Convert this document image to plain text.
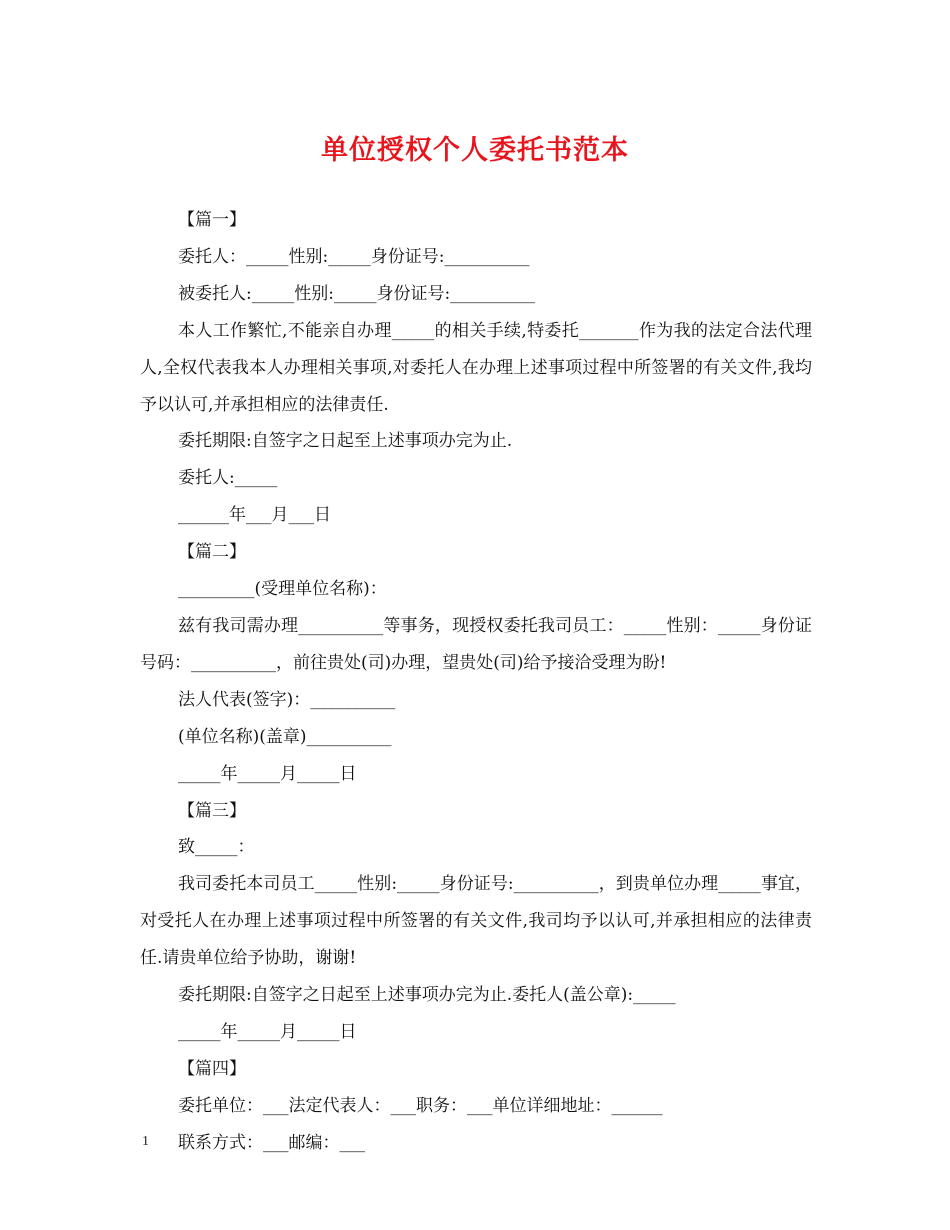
单位授权个人委托书范本

【篇一】

委托人：_____性别:_____身份证号:__________

被委托人:_____性别:_____身份证号:__________

本人工作繁忙,不能亲自办理_____的相关手续,特委托_______作为我的法定合法代理人,全权代表我本人办理相关事项,对委托人在办理上述事项过程中所签署的有关文件,我均予以认可,并承担相应的法律责任.

委托期限:自签字之日起至上述事项办完为止.

委托人:_____

______年___月___日

【篇二】

_________(受理单位名称)：

兹有我司需办理__________等事务，现授权委托我司员工：_____性别：_____身份证号码：__________，前往贵处(司)办理，望贵处(司)给予接洽受理为盼!

法人代表(签字)：__________

(单位名称)(盖章)__________

_____年_____月_____日

【篇三】

致_____：

我司委托本司员工_____性别:_____身份证号:__________，到贵单位办理_____事宜，对受托人在办理上述事项过程中所签署的有关文件,我司均予以认可,并承担相应的法律责任.请贵单位给予协助，谢谢!

委托期限:自签字之日起至上述事项办完为止.委托人(盖公章):_____

_____年_____月_____日

【篇四】

委托单位：___法定代表人：___职务：___单位详细地址：______

联系方式：___邮编：___

1
